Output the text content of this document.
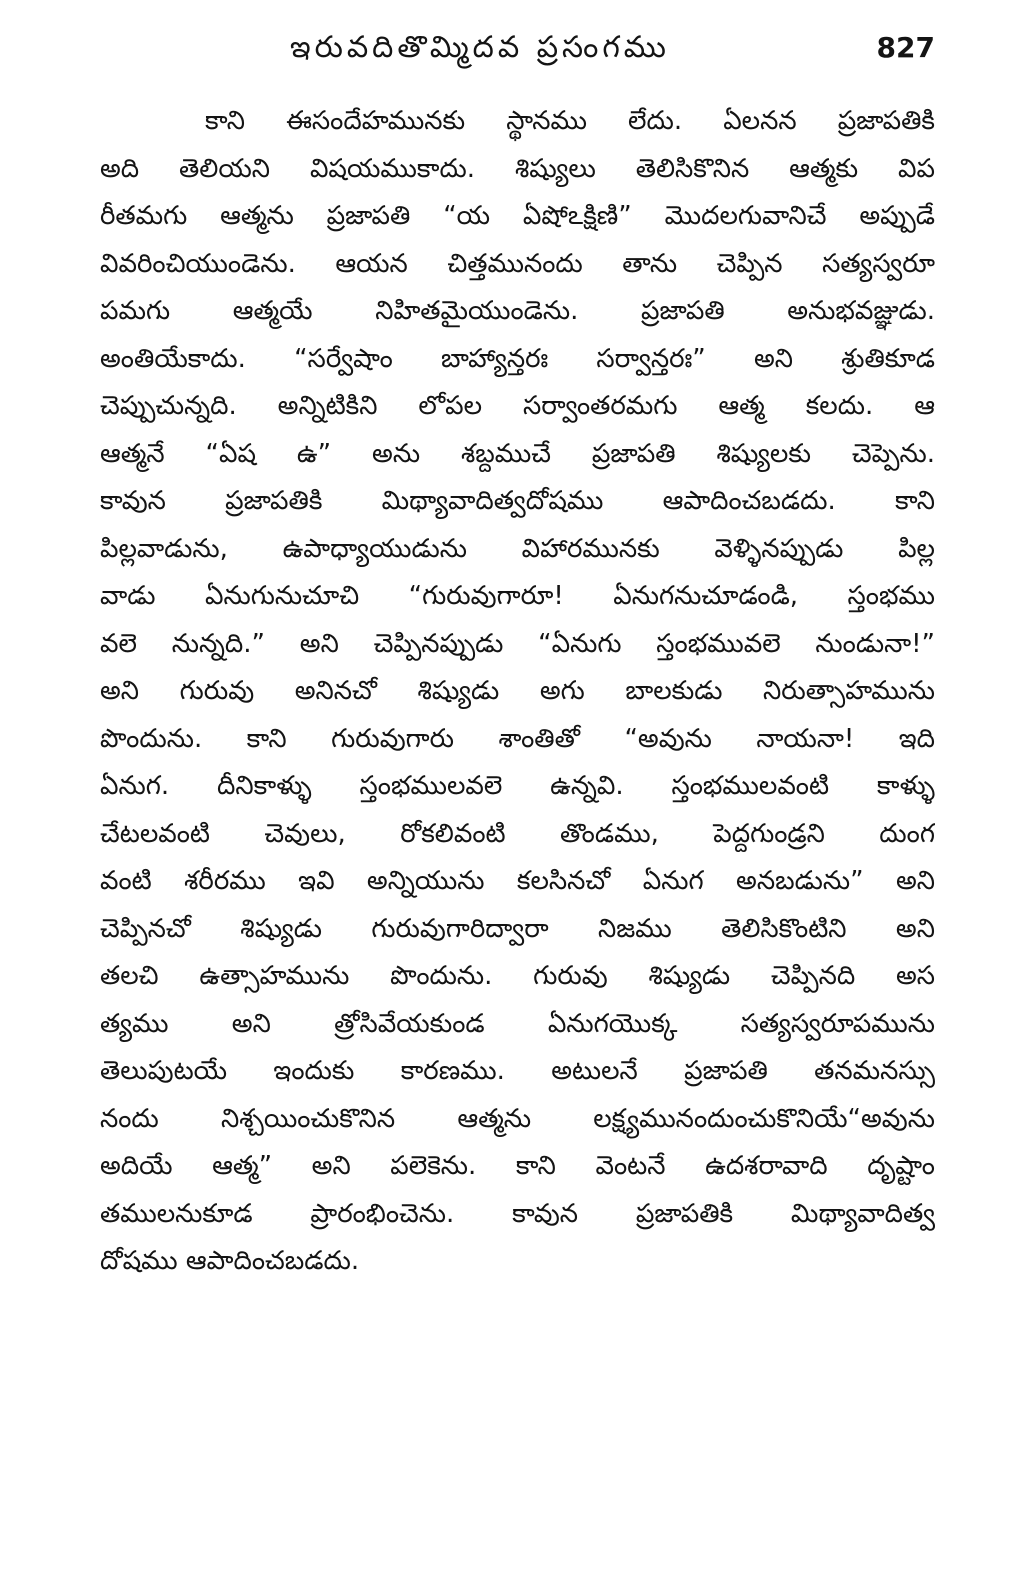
ఇరువదితొమ్మిదవ ప్రసంగము	827
కాని ఈసందేహమునకు స్థానము లేదు. ఏలనన ప్రజాపతికి
అది తెలియని విషయముకాదు. శిష్యులు తెలిసికొనిన ఆత్మకు విప
రీతమగు ఆత్మను ప్రజాపతి “య ఏషోఽక్షిణి” మొదలగువానిచే అప్పుడే
వివరించియుండెను. ఆయన చిత్తమునందు తాను చెప్పిన సత్యస్వరూ
పమగు ఆత్మయే నిహితమైయుండెను. ప్రజాపతి అనుభవజ్ఞుడు.
అంతియేకాదు. “సర్వేషాం బాహ్యాన్తరః సర్వాన్తరః” అని శ్రుతికూడ
చెప్పుచున్నది. అన్నిటికిని లోపల సర్వాంతరమగు ఆత్మ కలదు. ఆ
ఆత్మనే “ఏష ఉ” అను శబ్దముచే ప్రజాపతి శిష్యులకు చెప్పెను.
కావున ప్రజాపతికి మిథ్యావాదిత్వదోషము ఆపాదించబడదు. కాని
పిల్లవాడును, ఉపాధ్యాయుడును విహారమునకు వెళ్ళినప్పుడు పిల్ల
వాడు ఏనుగునుచూచి “గురువుగారూ! ఏనుగనుచూడండి, స్తంభము
వలె నున్నది.” అని చెప్పినప్పుడు “ఏనుగు స్తంభమువలె నుండునా!”
అని గురువు అనినచో శిష్యుడు అగు బాలకుడు నిరుత్సాహమును
పొందును. కాని గురువుగారు శాంతితో “అవును నాయనా! ఇది
ఏనుగ. దీనికాళ్ళు స్తంభములవలె ఉన్నవి. స్తంభములవంటి కాళ్ళు
చేటలవంటి చెవులు, రోకలివంటి తొండము, పెద్దగుండ్రని దుంగ
వంటి శరీరము ఇవి అన్నియును కలసినచో ఏనుగ అనబడును” అని
చెప్పినచో శిష్యుడు గురువుగారిద్వారా నిజము తెలిసికొంటిని అని
తలచి ఉత్సాహమును పొందును. గురువు శిష్యుడు చెప్పినది అస
త్యము అని త్రోసివేయకుండ ఏనుగయొక్క సత్యస్వరూపమును
తెలుపుటయే ఇందుకు కారణము. అటులనే ప్రజాపతి తనమనస్సు
నందు నిశ్చయించుకొనిన ఆత్మను లక్ష్యమునందుంచుకొనియే“అవును
అదియే ఆత్మ” అని పలెకెను. కాని వెంటనే ఉదశరావాది దృష్టాం
తములనుకూడ ప్రారంభించెను. కావున ప్రజాపతికి మిథ్యావాదిత్వ
దోషము ఆపాదించబడదు.
